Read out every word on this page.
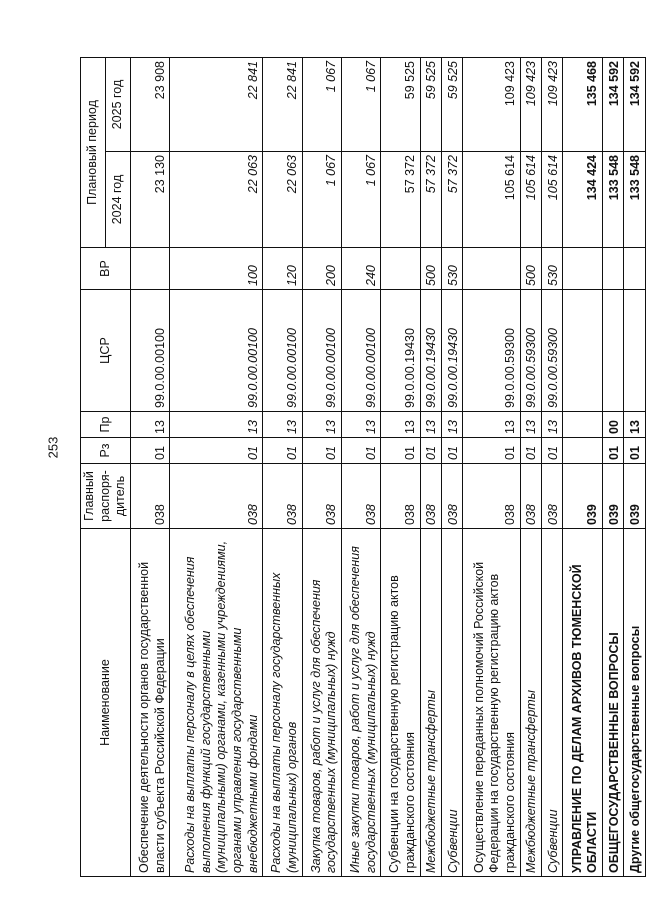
253
Наименование	Главный распоря-дитель	Рз	Пр	ЦСР	ВР	Плановый период	
						2024 год	2025 год
Обеспечение деятельности органов государственной власти субъекта Российской Федерации	038	01	13	99.0.00.00100		23 130	23 908
Расходы на выплаты персоналу в целях обеспечения выполнения функций государственными (муниципальными) органами, казенными учреждениями, органами управления государственными внебюджетными фондами	038	01	13	99.0.00.00100	100	22 063	22 841
Расходы на выплаты персоналу государственных (муниципальных) органов	038	01	13	99.0.00.00100	120	22 063	22 841
Закупка товаров, работ и услуг для обеспечения государственных (муниципальных) нужд	038	01	13	99.0.00.00100	200	1 067	1 067
Иные закупки товаров, работ и услуг для обеспечения государственных (муниципальных) нужд	038	01	13	99.0.00.00100	240	1 067	1 067
Субвенции на государственную регистрацию актов гражданского состояния	038	01	13	99.0.00.19430		57 372	59 525
Межбюджетные трансферты	038	01	13	99.0.00.19430	500	57 372	59 525
Субвенции	038	01	13	99.0.00.19430	530	57 372	59 525
Осуществление переданных полномочий Российской Федерации на государственную регистрацию актов гражданского состояния	038	01	13	99.0.00.59300		105 614	109 423
Межбюджетные трансферты	038	01	13	99.0.00.59300	500	105 614	109 423
Субвенции	038	01	13	99.0.00.59300	530	105 614	109 423
УПРАВЛЕНИЕ ПО ДЕЛАМ АРХИВОВ ТЮМЕНСКОЙ ОБЛАСТИ	039					134 424	135 468
ОБЩЕГОСУДАРСТВЕННЫЕ ВОПРОСЫ	039	01	00			133 548	134 592
Другие общегосударственные вопросы	039	01	13			133 548	134 592
